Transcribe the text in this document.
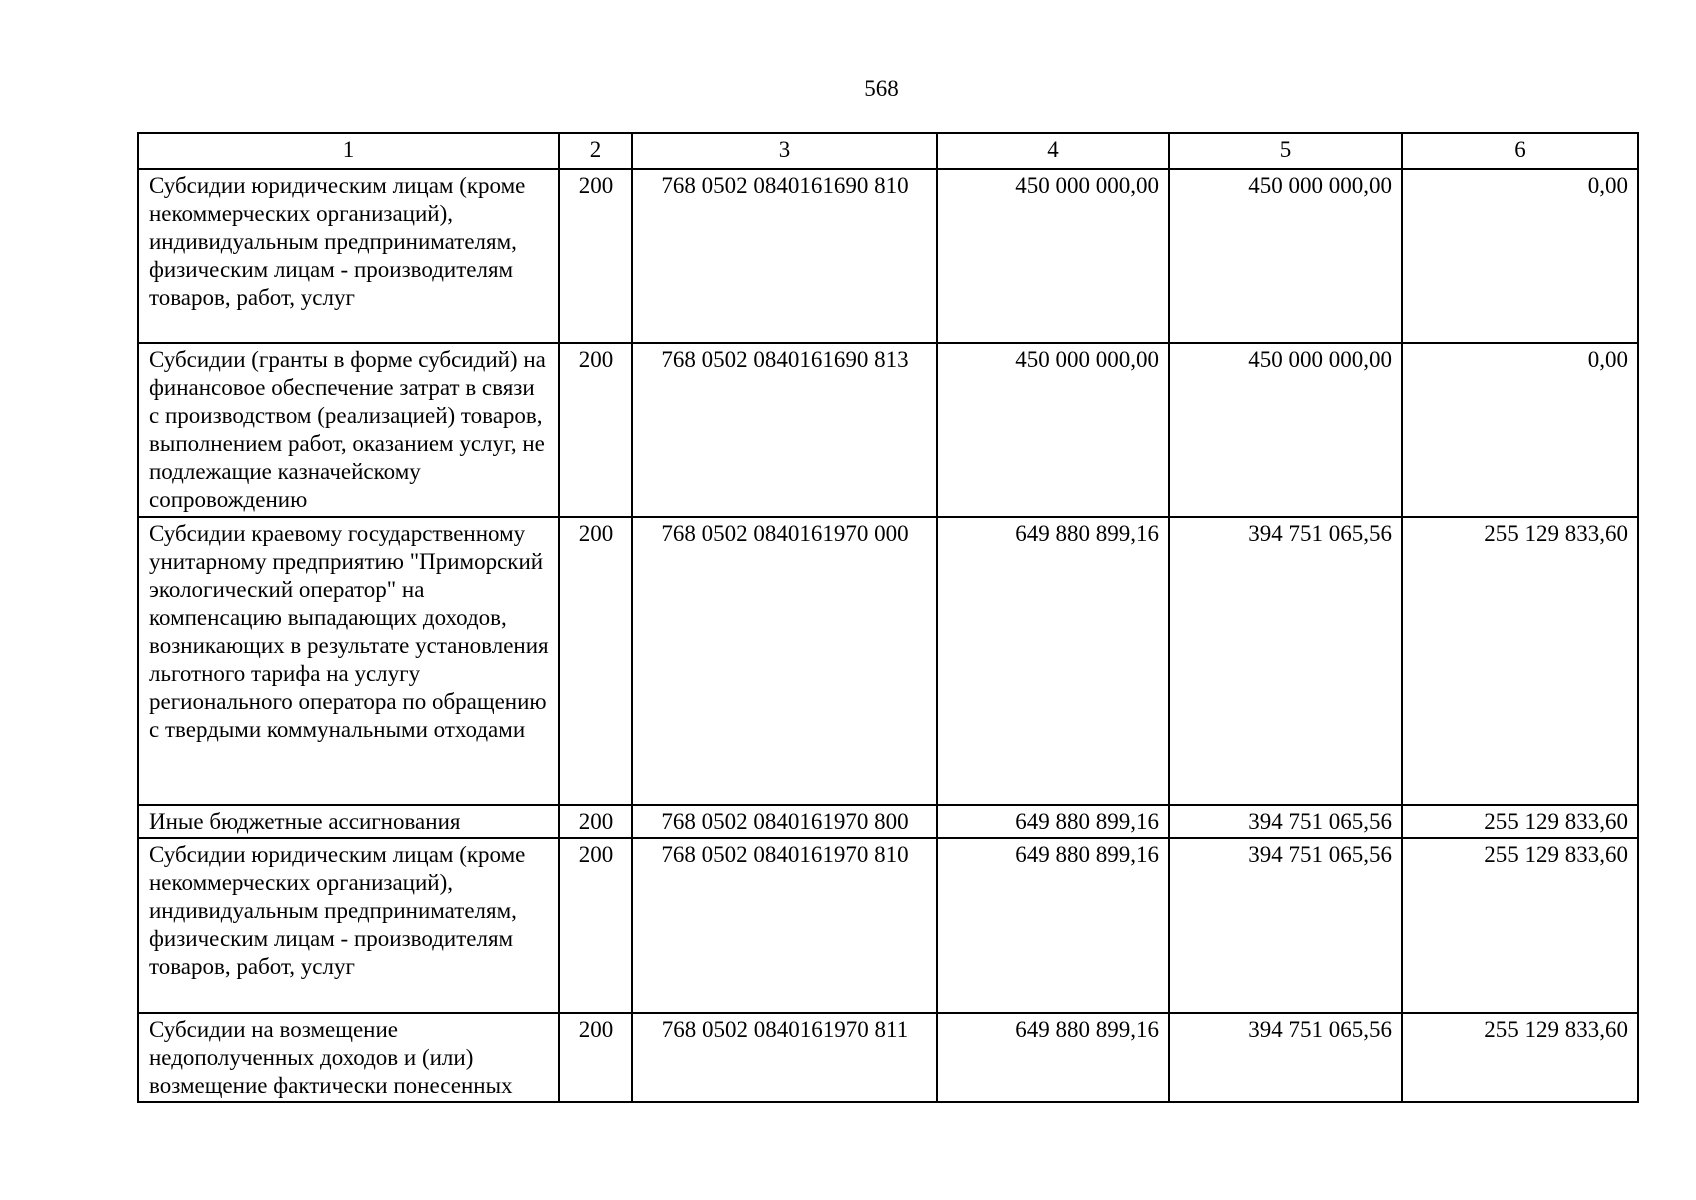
568
1	2	3	4	5	6
Субсидии юридическим лицам (кроме некоммерческих организаций), индивидуальным предпринимателям, физическим лицам - производителям товаров, работ, услуг	200	768 0502 0840161690 810	450 000 000,00	450 000 000,00	0,00
Субсидии (гранты в форме субсидий) на финансовое обеспечение затрат в связи с производством (реализацией) товаров, выполнением работ, оказанием услуг, не подлежащие казначейскому сопровождению	200	768 0502 0840161690 813	450 000 000,00	450 000 000,00	0,00
Субсидии краевому государственному унитарному предприятию "Приморский экологический оператор" на компенсацию выпадающих доходов, возникающих в результате установления льготного тарифа на услугу регионального оператора по обращению с твердыми коммунальными отходами	200	768 0502 0840161970 000	649 880 899,16	394 751 065,56	255 129 833,60
Иные бюджетные ассигнования	200	768 0502 0840161970 800	649 880 899,16	394 751 065,56	255 129 833,60
Субсидии юридическим лицам (кроме некоммерческих организаций), индивидуальным предпринимателям, физическим лицам - производителям товаров, работ, услуг	200	768 0502 0840161970 810	649 880 899,16	394 751 065,56	255 129 833,60
Субсидии на возмещение недополученных доходов и (или) возмещение фактически понесенных	200	768 0502 0840161970 811	649 880 899,16	394 751 065,56	255 129 833,60
